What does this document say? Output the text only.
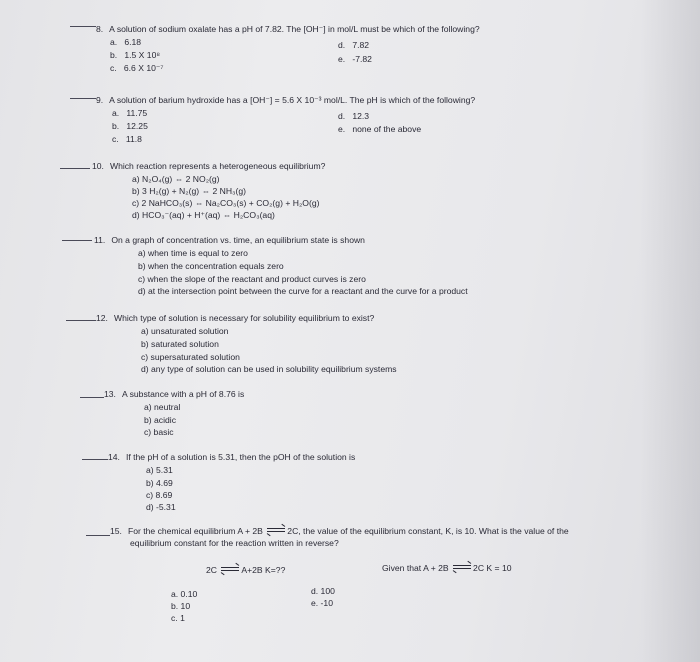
8. A solution of sodium oxalate has a pH of 7.82. The [OH⁻] in mol/L must be which of the following?
a. 6.18
b. 1.5 X 10⁸
c. 6.6 X 10⁻⁷
d. 7.82
e. -7.82
9. A solution of barium hydroxide has a [OH⁻] = 5.6 X 10⁻³ mol/L. The pH is which of the following?
a. 11.75
b. 12.25
c. 11.8
d. 12.3
e. none of the above
10. Which reaction represents a heterogeneous equilibrium?
a) N₂O₄(g) ⇔ 2 NO₂(g)
b) 3 H₂(g) + N₂(g) ⇔ 2 NH₃(g)
c) 2 NaHCO₃(s) ⇔ Na₂CO₃(s) + CO₂(g) + H₂O(g)
d) HCO₃⁻(aq) + H⁺(aq) ⇔ H₂CO₃(aq)
11. On a graph of concentration vs. time, an equilibrium state is shown
a) when time is equal to zero
b) when the concentration equals zero
c) when the slope of the reactant and product curves is zero
d) at the intersection point between the curve for a reactant and the curve for a product
12. Which type of solution is necessary for solubility equilibrium to exist?
a) unsaturated solution
b) saturated solution
c) supersaturated solution
d) any type of solution can be used in solubility equilibrium systems
13. A substance with a pH of 8.76 is
a) neutral
b) acidic
c) basic
14. If the pH of a solution is 5.31, then the pOH of the solution is
a) 5.31
b) 4.69
c) 8.69
d) -5.31
15. For the chemical equilibrium A + 2B	2C, the value of the equilibrium constant, K, is 10. What is the value of the
equilibrium constant for the reaction written in reverse?
2C	A+2B K=??	Given that A + 2B	2C K = 10
a. 0.10
b. 10
c. 1
d. 100
e. -10
